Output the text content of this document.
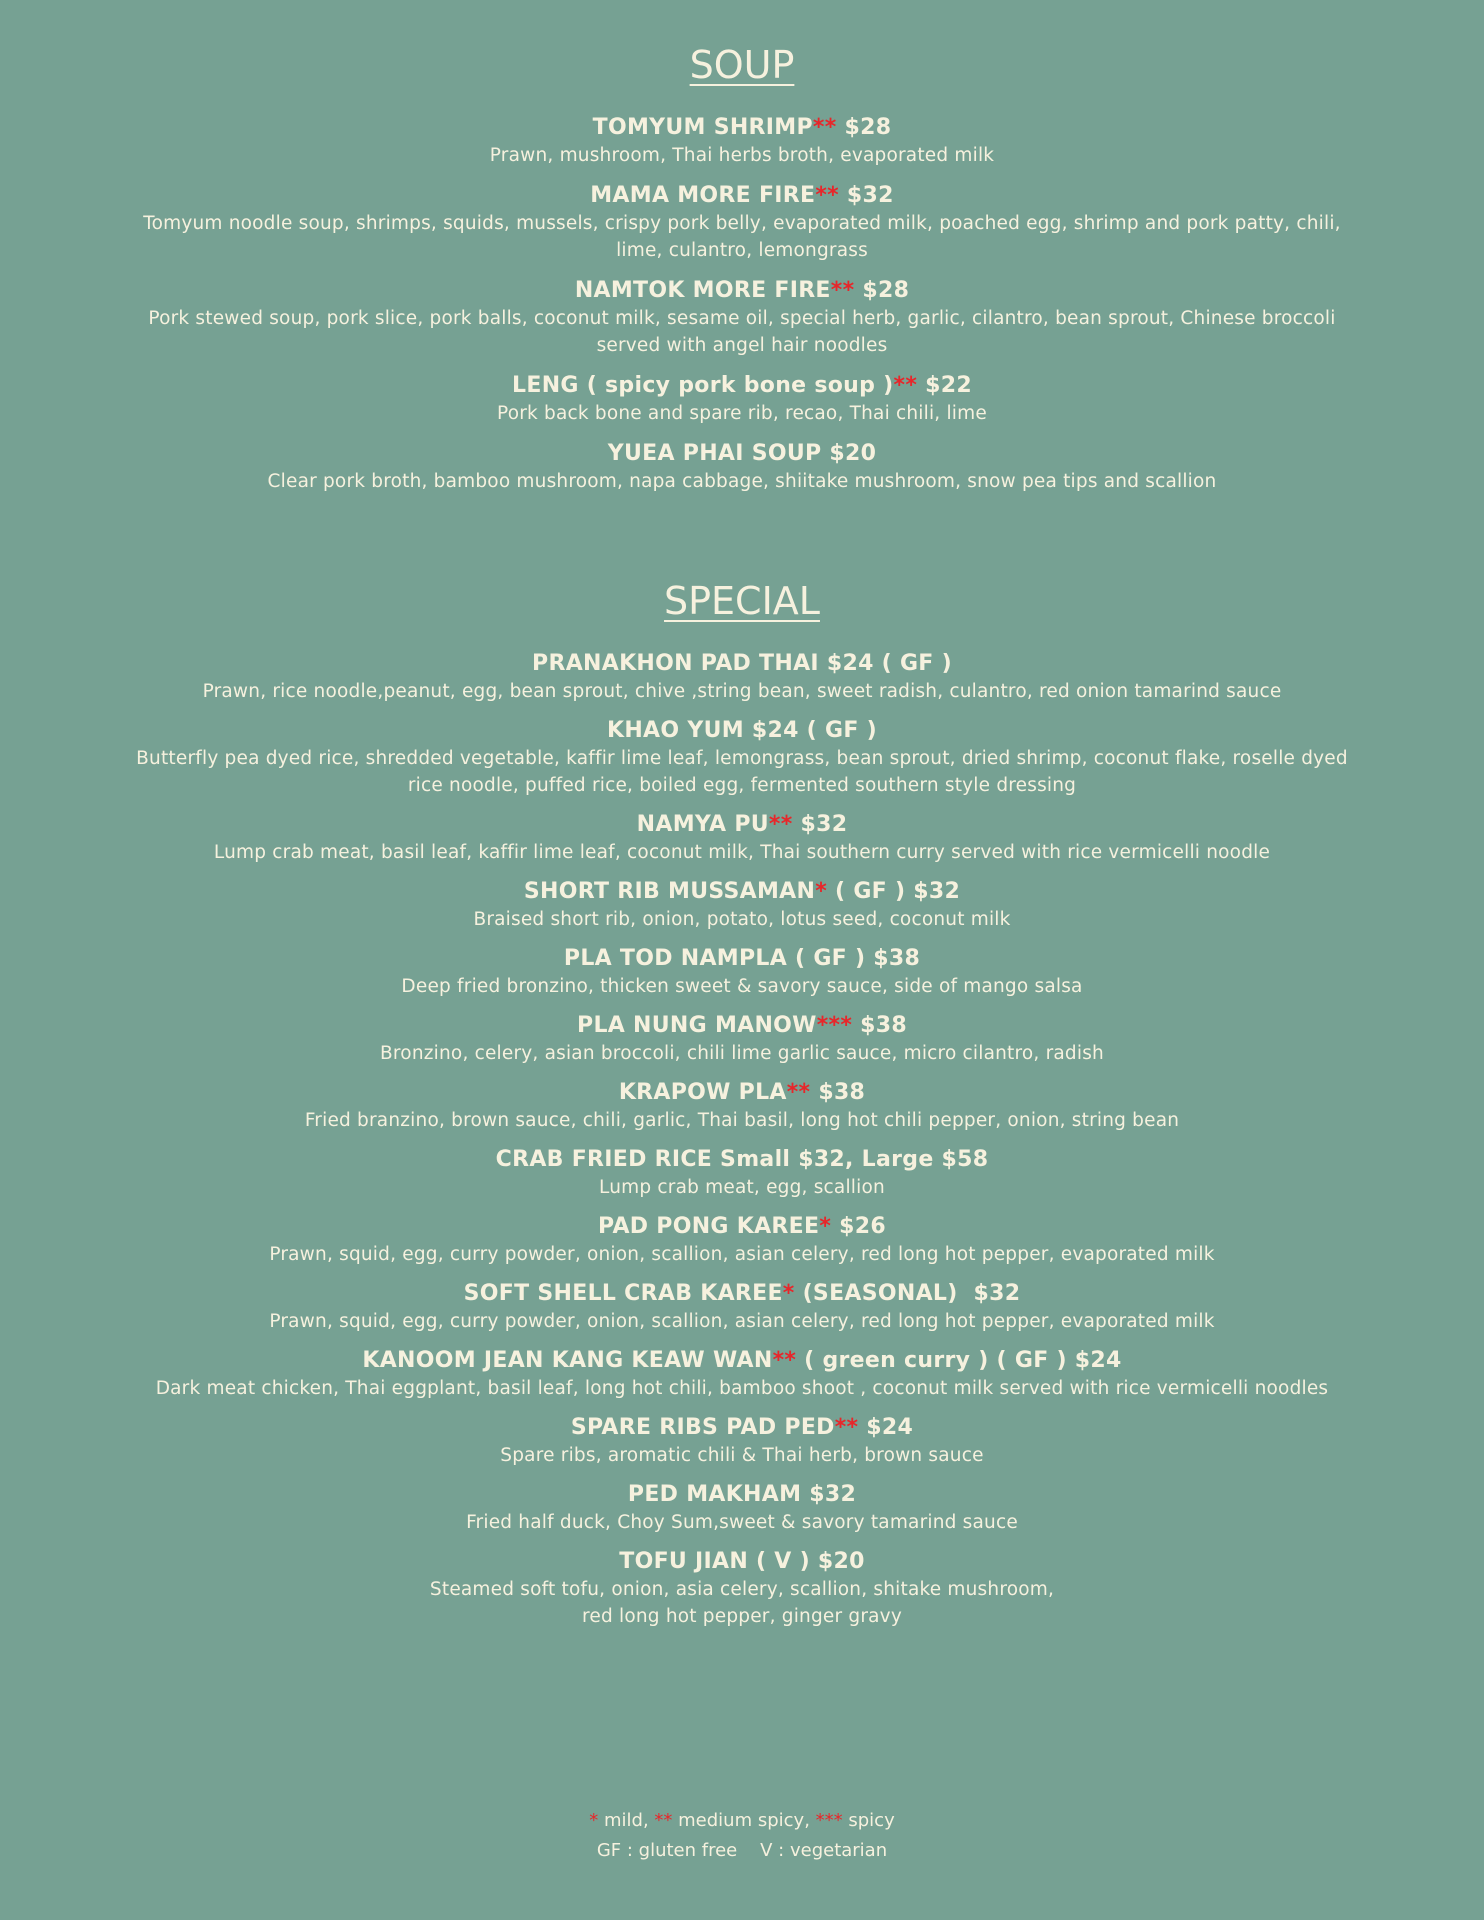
SOUP
TOMYUM SHRIMP** $28
Prawn, mushroom, Thai herbs broth, evaporated milk
MAMA MORE FIRE** $32
Tomyum noodle soup, shrimps, squids, mussels, crispy pork belly, evaporated milk, poached egg, shrimp and pork patty, chili, lime, culantro, lemongrass
NAMTOK MORE FIRE** $28
Pork stewed soup, pork slice, pork balls, coconut milk, sesame oil, special herb, garlic, cilantro, bean sprout, Chinese broccoli served with angel hair noodles
LENG ( spicy pork bone soup )** $22
Pork back bone and spare rib, recao, Thai chili, lime
YUEA PHAI SOUP $20
Clear pork broth, bamboo mushroom, napa cabbage, shiitake mushroom, snow pea tips and scallion
SPECIAL
PRANAKHON PAD THAI $24 ( GF )
Prawn, rice noodle,peanut, egg, bean sprout, chive ,string bean, sweet radish, culantro, red onion tamarind sauce
KHAO YUM $24 ( GF )
Butterfly pea dyed rice, shredded vegetable, kaffir lime leaf, lemongrass, bean sprout, dried shrimp, coconut flake, roselle dyed rice noodle, puffed rice, boiled egg, fermented southern style dressing
NAMYA PU** $32
Lump crab meat, basil leaf, kaffir lime leaf, coconut milk, Thai southern curry served with rice vermicelli noodle
SHORT RIB MUSSAMAN* ( GF ) $32
Braised short rib, onion, potato, lotus seed, coconut milk
PLA TOD NAMPLA ( GF ) $38
Deep fried bronzino, thicken sweet & savory sauce, side of mango salsa
PLA NUNG MANOW*** $38
Bronzino, celery, asian broccoli, chili lime garlic sauce, micro cilantro, radish
KRAPOW PLA** $38
Fried branzino, brown sauce, chili, garlic, Thai basil, long hot chili pepper, onion, string bean
CRAB FRIED RICE Small $32, Large $58
Lump crab meat, egg, scallion
PAD PONG KAREE* $26
Prawn, squid, egg, curry powder, onion, scallion, asian celery, red long hot pepper, evaporated milk
SOFT SHELL CRAB KAREE* (SEASONAL)  $32
Prawn, squid, egg, curry powder, onion, scallion, asian celery, red long hot pepper, evaporated milk
KANOOM JEAN KANG KEAW WAN** ( green curry ) ( GF ) $24
Dark meat chicken, Thai eggplant, basil leaf, long hot chili, bamboo shoot , coconut milk served with rice vermicelli noodles
SPARE RIBS PAD PED** $24
Spare ribs, aromatic chili & Thai herb, brown sauce
PED MAKHAM $32
Fried half duck, Choy Sum,sweet & savory tamarind sauce
TOFU JIAN ( V ) $20
Steamed soft tofu, onion, asia celery, scallion, shitake mushroom,
red long hot pepper, ginger gravy
* mild, ** medium spicy, *** spicy
GF : gluten free    V : vegetarian
